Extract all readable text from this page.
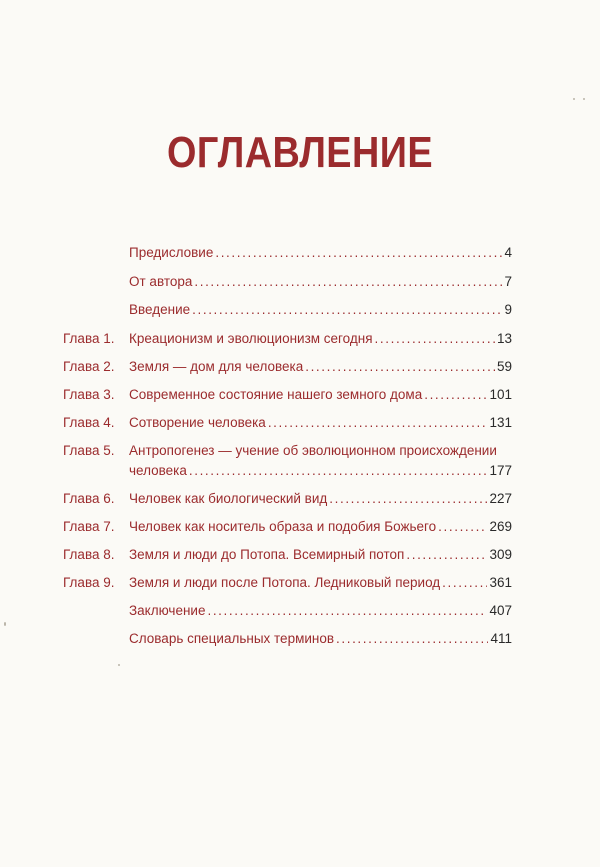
ОГЛАВЛЕНИЕ
Предисловие .....	4
От автора .....	7
Введение .....	9
Глава 1. Креационизм и эволюционизм сегодня .....	13
Глава 2. Земля — дом для человека .....	59
Глава 3. Современное состояние нашего земного дома .....	101
Глава 4. Сотворение человека .....	131
Глава 5. Антропогенез — учение об эволюционном происхождении
человека .....	177
Глава 6. Человек как биологический вид .....	227
Глава 7. Человек как носитель образа и подобия Божьего .....	269
Глава 8. Земля и люди до Потопа. Всемирный потоп .....	309
Глава 9. Земля и люди после Потопа. Ледниковый период .....	361
Заключение .....	407
Словарь специальных терминов .....	411
